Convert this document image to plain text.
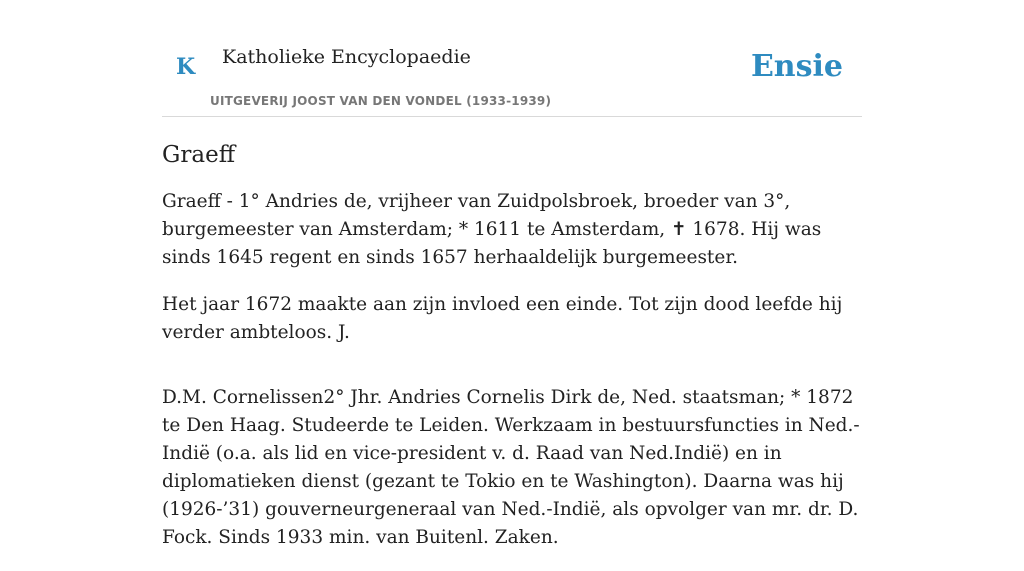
K Katholieke Encyclopaedie
UITGEVERIJ JOOST VAN DEN VONDEL (1933-1939)
Ensie
Graeff

Graeff - 1° Andries de, vrijheer van Zuidpolsbroek, broeder van 3°, burgemeester van Amsterdam; * 1611 te Amsterdam, ✝ 1678. Hij was sinds 1645 regent en sinds 1657 herhaaldelijk burgemeester.

Het jaar 1672 maakte aan zijn invloed een einde. Tot zijn dood leefde hij verder ambteloos. J.

D.M. Cornelissen2° Jhr. Andries Cornelis Dirk de, Ned. staatsman; * 1872 te Den Haag. Studeerde te Leiden. Werkzaam in bestuursfuncties in Ned.-Indië (o.a. als lid en vice-president v. d. Raad van Ned.Indië) en in diplomatieken dienst (gezant te Tokio en te Washington). Daarna was hij (1926-’31) gouverneurgeneraal van Ned.-Indië, als opvolger van mr. dr. D. Fock. Sinds 1933 min. van Buitenl. Zaken.
